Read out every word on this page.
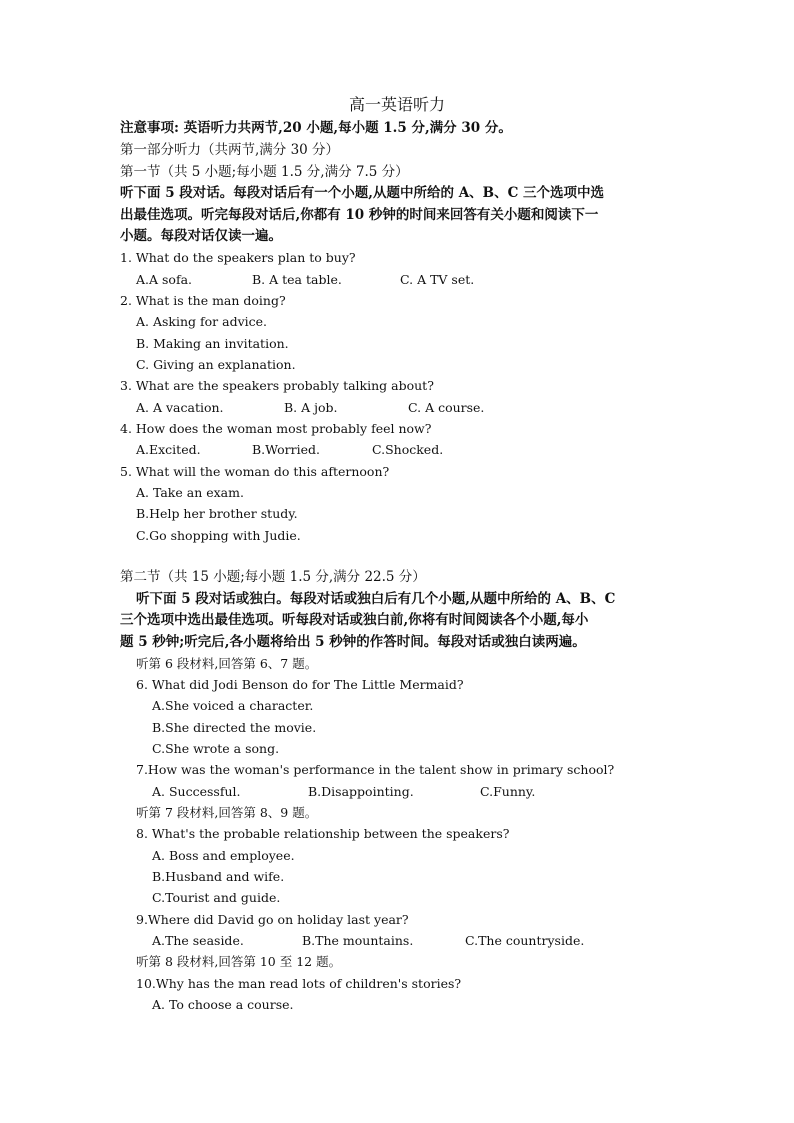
高一英语听力
注意事项: 英语听力共两节,20 小题,每小题 1.5 分,满分 30 分。
第一部分听力（共两节,满分 30 分）
第一节（共 5 小题;每小题 1.5 分,满分 7.5 分）
听下面 5 段对话。每段对话后有一个小题,从题中所给的 A、B、C 三个选项中选
出最佳选项。听完每段对话后,你都有 10 秒钟的时间来回答有关小题和阅读下一
小题。每段对话仅读一遍。
1. What do the speakers plan to buy?
A.A sofa.	B. A tea table.	C. A TV set.
2. What is the man doing?
A. Asking for advice.
B. Making an invitation.
C. Giving an explanation.
3. What are the speakers probably talking about?
A. A vacation.	B. A job.	C. A course.
4. How does the woman most probably feel now?
A.Excited.	B.Worried.	C.Shocked.
5. What will the woman do this afternoon?
A. Take an exam.
B.Help her brother study.
C.Go shopping with Judie.
第二节（共 15 小题;每小题 1.5 分,满分 22.5 分）
听下面 5 段对话或独白。每段对话或独白后有几个小题,从题中所给的 A、B、C
三个选项中选出最佳选项。听每段对话或独白前,你将有时间阅读各个小题,每小
题 5 秒钟;听完后,各小题将给出 5 秒钟的作答时间。每段对话或独白读两遍。
听第 6 段材料,回答第 6、7 题。
6. What did Jodi Benson do for The Little Mermaid?
A.She voiced a character.
B.She directed the movie.
C.She wrote a song.
7.How was the woman's performance in the talent show in primary school?
A. Successful.	B.Disappointing.	C.Funny.
听第 7 段材料,回答第 8、9 题。
8. What's the probable relationship between the speakers?
A. Boss and employee.
B.Husband and wife.
C.Tourist and guide.
9.Where did David go on holiday last year?
A.The seaside.	B.The mountains.	C.The countryside.
听第 8 段材料,回答第 10 至 12 题。
10.Why has the man read lots of children's stories?
A. To choose a course.
